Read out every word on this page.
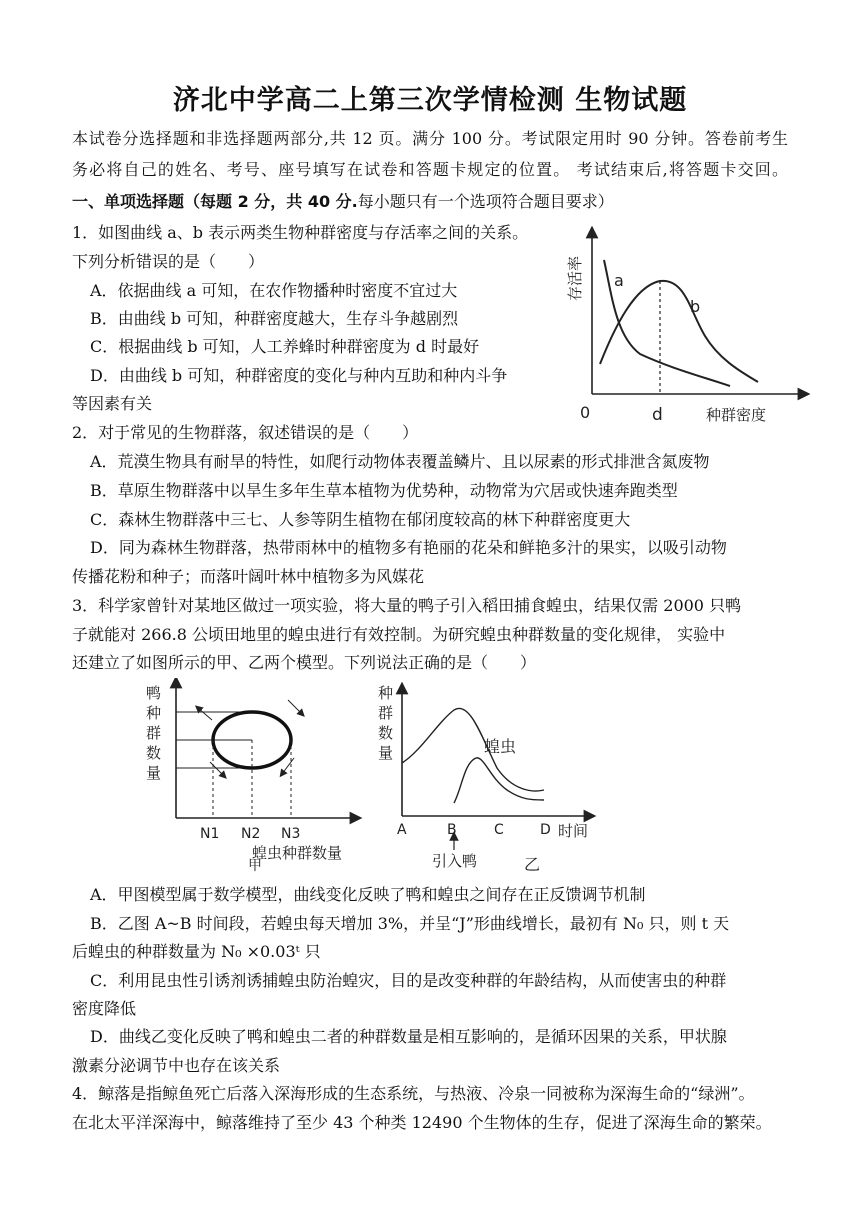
济北中学高二上第三次学情检测 生物试题
本试卷分选择题和非选择题两部分,共 12 页。满分 100 分。考试限定用时 90 分钟。答卷前考生
务必将自己的姓名、考号、座号填写在试卷和答题卡规定的位置。 考试结束后,将答题卡交回。
一、单项选择题（每题 2 分，共 40 分.每小题只有一个选项符合题目要求）
1．如图曲线 a、b 表示两类生物种群密度与存活率之间的关系。
下列分析错误的是（　　）
A．依据曲线 a 可知，在农作物播种时密度不宜过大
B．由曲线 b 可知，种群密度越大，生存斗争越剧烈
C．根据曲线 b 可知，人工养蜂时种群密度为 d 时最好
D．由曲线 b 可知，种群密度的变化与种内互助和种内斗争
等因素有关
存活率
0	d	种群密度
a
b
2．对于常见的生物群落，叙述错误的是（　　）
A．荒漠生物具有耐旱的特性，如爬行动物体表覆盖鳞片、且以尿素的形式排泄含氮废物
B．草原生物群落中以旱生多年生草本植物为优势种，动物常为穴居或快速奔跑类型
C．森林生物群落中三七、人参等阴生植物在郁闭度较高的林下种群密度更大
D．同为森林生物群落，热带雨林中的植物多有艳丽的花朵和鲜艳多汁的果实，以吸引动物
传播花粉和种子；而落叶阔叶林中植物多为风媒花
3．科学家曾针对某地区做过一项实验，将大量的鸭子引入稻田捕食蝗虫，结果仅需 2000 只鸭
子就能对 266.8 公顷田地里的蝗虫进行有效控制。为研究蝗虫种群数量的变化规律， 实验中
还建立了如图所示的甲、乙两个模型。下列说法正确的是（　　）
鸭
种
群
数
量
N1 N2 N3
蝗虫种群数量
甲
种
群
数
量	蝗虫
A	B	C	D 时间
引入鸭	乙
A．甲图模型属于数学模型，曲线变化反映了鸭和蝗虫之间存在正反馈调节机制
B．乙图 A~B 时间段，若蝗虫每天增加 3%，并呈“J”形曲线增长，最初有 N₀ 只，则 t 天
后蝗虫的种群数量为 N₀ ×0.03ᵗ 只
C．利用昆虫性引诱剂诱捕蝗虫防治蝗灾，目的是改变种群的年龄结构，从而使害虫的种群
密度降低
D．曲线乙变化反映了鸭和蝗虫二者的种群数量是相互影响的，是循环因果的关系，甲状腺
激素分泌调节中也存在该关系
4．鲸落是指鲸鱼死亡后落入深海形成的生态系统，与热液、冷泉一同被称为深海生命的“绿洲”。
在北太平洋深海中，鲸落维持了至少 43 个种类 12490 个生物体的生存，促进了深海生命的繁荣。
